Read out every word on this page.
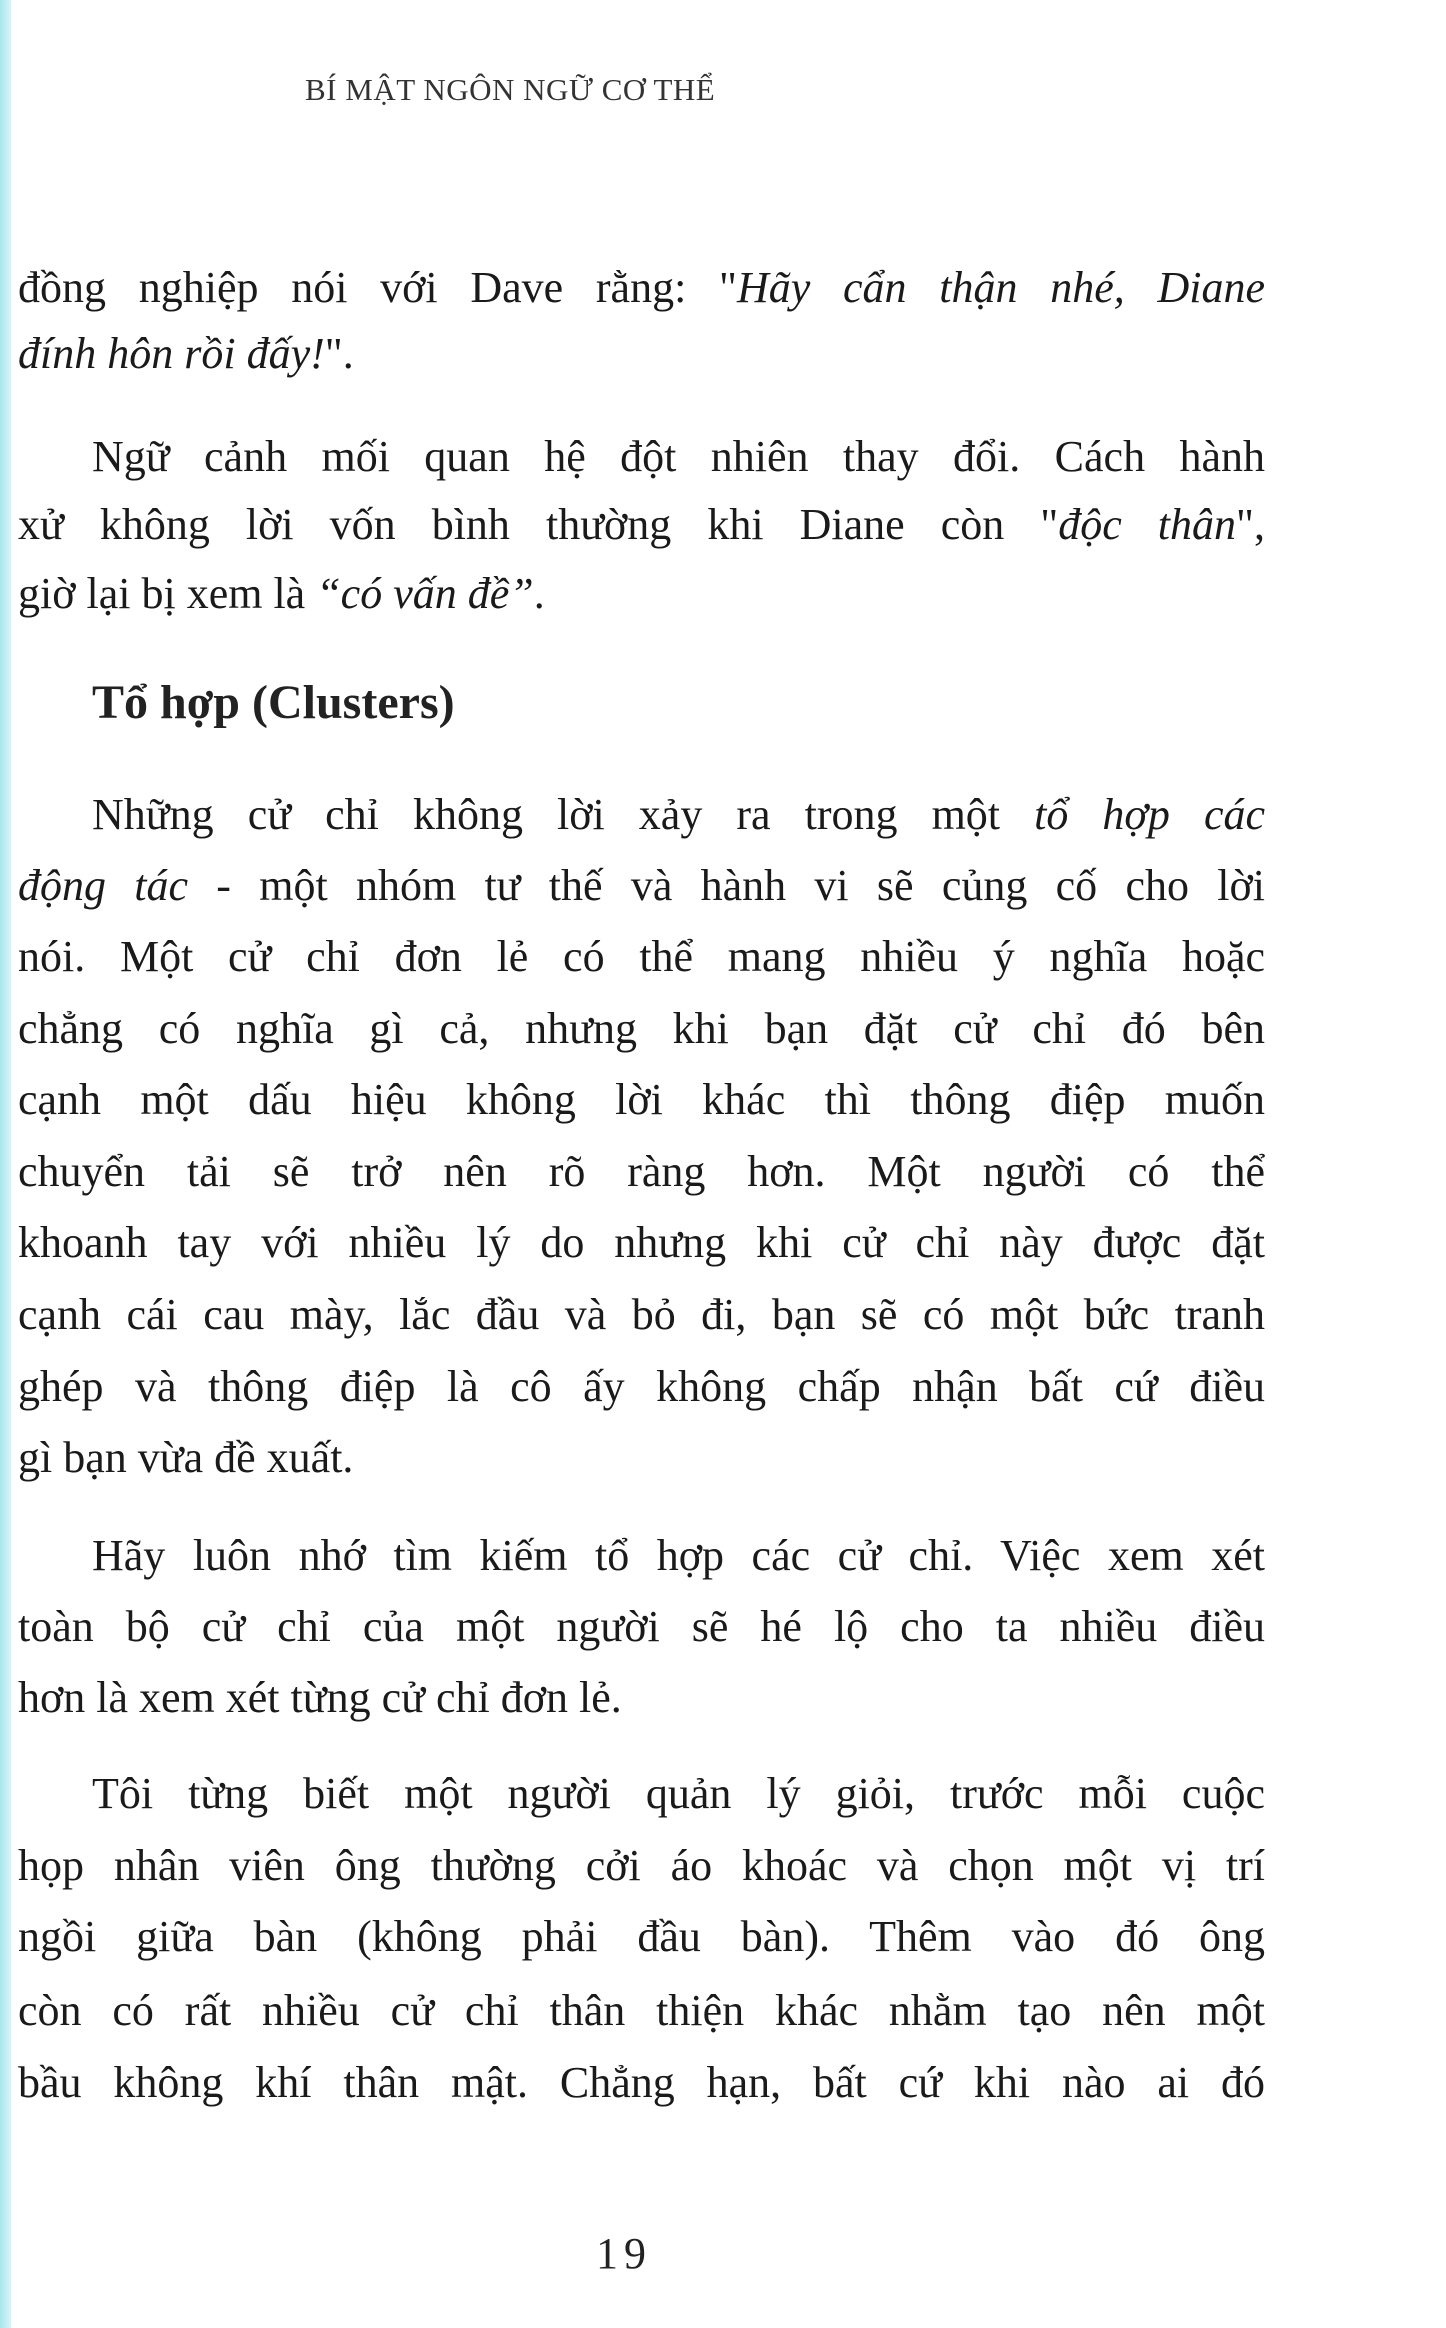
BÍ MẬT NGÔN NGỮ CƠ THỂ
Tổ hợp (Clusters)
đồng nghiệp nói với Dave rằng: "Hãy cẩn thận nhé, Diane
đính hôn rồi đấy!".
Ngữ cảnh mối quan hệ đột nhiên thay đổi. Cách hành
xử không lời vốn bình thường khi Diane còn "độc thân",
giờ lại bị xem là “có vấn đề”.
Những cử chỉ không lời xảy ra trong một tổ hợp các
động tác - một nhóm tư thế và hành vi sẽ củng cố cho lời
nói. Một cử chỉ đơn lẻ có thể mang nhiều ý nghĩa hoặc
chẳng có nghĩa gì cả, nhưng khi bạn đặt cử chỉ đó bên
cạnh một dấu hiệu không lời khác thì thông điệp muốn
chuyển tải sẽ trở nên rõ ràng hơn. Một người có thể
khoanh tay với nhiều lý do nhưng khi cử chỉ này được đặt
cạnh cái cau mày, lắc đầu và bỏ đi, bạn sẽ có một bức tranh
ghép và thông điệp là cô ấy không chấp nhận bất cứ điều
gì bạn vừa đề xuất.
Hãy luôn nhớ tìm kiếm tổ hợp các cử chỉ. Việc xem xét
toàn bộ cử chỉ của một người sẽ hé lộ cho ta nhiều điều
hơn là xem xét từng cử chỉ đơn lẻ.
Tôi từng biết một người quản lý giỏi, trước mỗi cuộc
họp nhân viên ông thường cởi áo khoác và chọn một vị trí
ngồi giữa bàn (không phải đầu bàn). Thêm vào đó ông
còn có rất nhiều cử chỉ thân thiện khác nhằm tạo nên một
bầu không khí thân mật. Chẳng hạn, bất cứ khi nào ai đó
19
